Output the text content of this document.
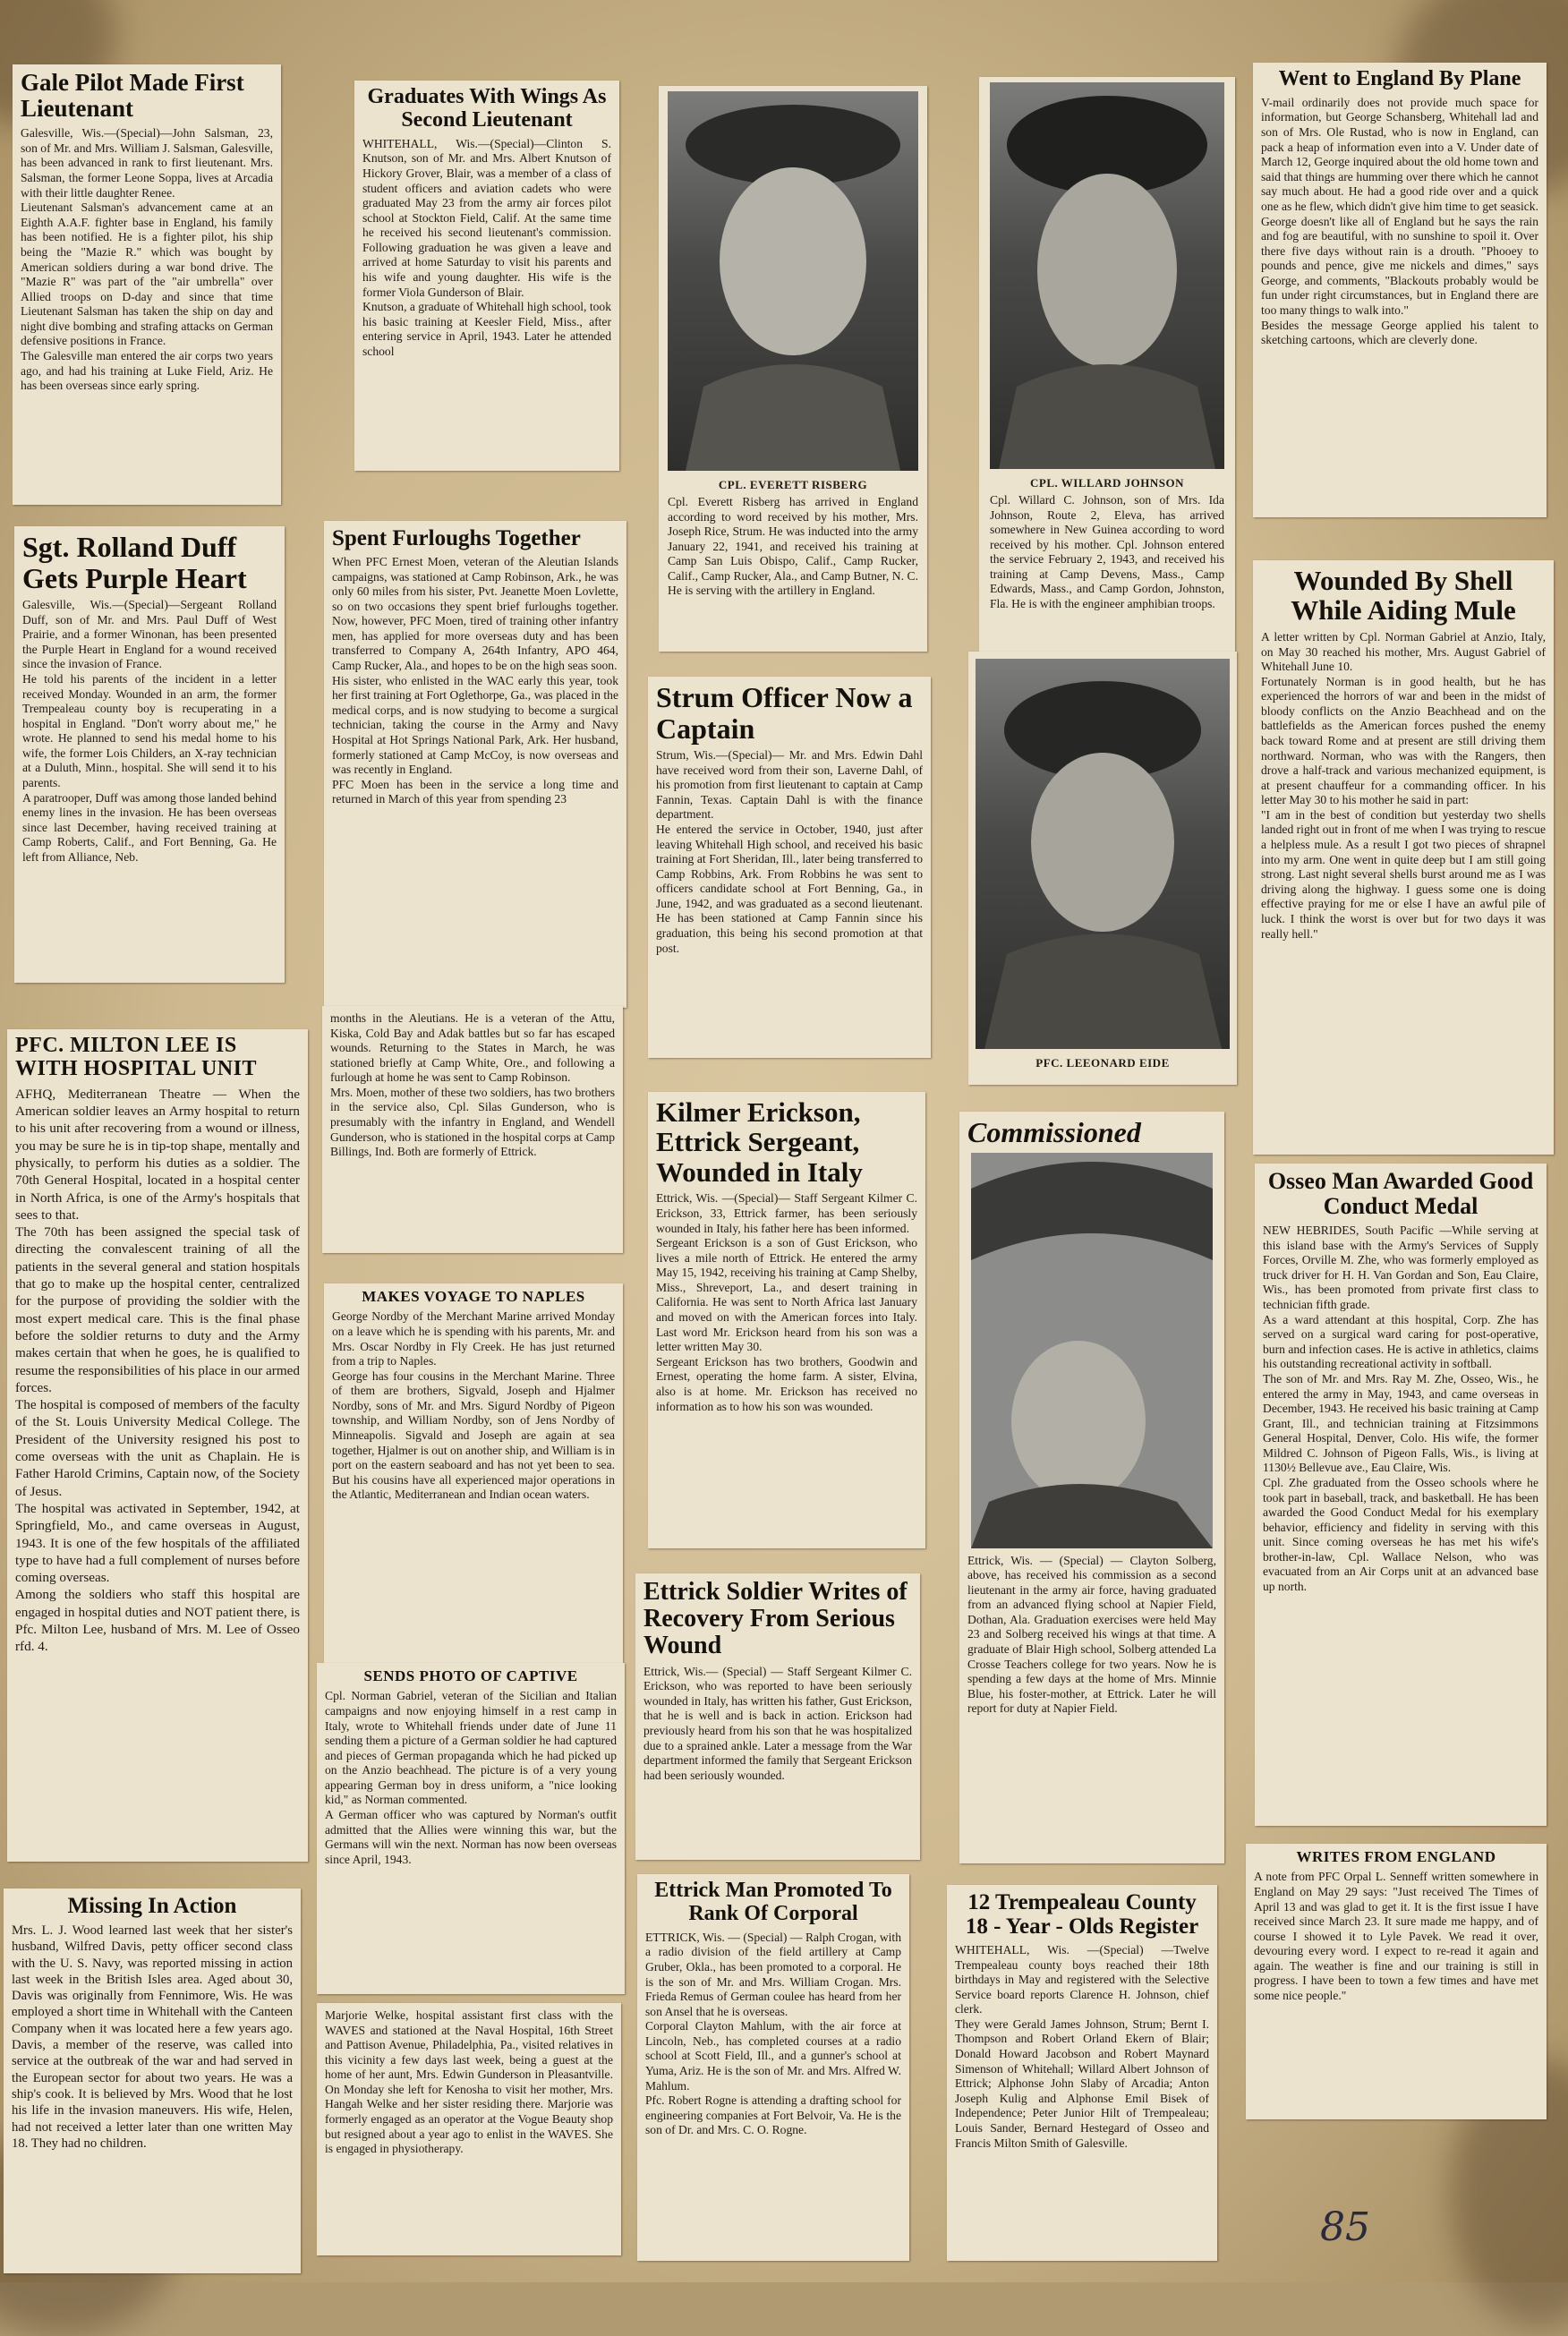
Gale Pilot Made First Lieutenant

Galesville, Wis.—(Special)—John Salsman, 23, son of Mr. and Mrs. William J. Salsman, Galesville, has been advanced in rank to first lieutenant. Mrs. Salsman, the former Leone Soppa, lives at Arcadia with their little daughter Renee.
Lieutenant Salsman's advancement came at an Eighth A.A.F. fighter base in England, his family has been notified. He is a fighter pilot, his ship being the "Mazie R." which was bought by American soldiers during a war bond drive. The "Mazie R" was part of the "air umbrella" over Allied troops on D-day and since that time Lieutenant Salsman has taken the ship on day and night dive bombing and strafing attacks on German defensive positions in France.
The Galesville man entered the air corps two years ago, and had his training at Luke Field, Ariz. He has been overseas since early spring.

Sgt. Rolland Duff Gets Purple Heart

Galesville, Wis.—(Special)—Sergeant Rolland Duff, son of Mr. and Mrs. Paul Duff of West Prairie, and a former Winonan, has been presented the Purple Heart in England for a wound received since the invasion of France.
He told his parents of the incident in a letter received Monday. Wounded in an arm, the former Trempealeau county boy is recuperating in a hospital in England. "Don't worry about me," he wrote. He planned to send his medal home to his wife, the former Lois Childers, an X-ray technician at a Duluth, Minn., hospital. She will send it to his parents.
A paratrooper, Duff was among those landed behind enemy lines in the invasion. He has been overseas since last December, having received training at Camp Roberts, Calif., and Fort Benning, Ga. He left from Alliance, Neb.

PFC. MILTON LEE IS WITH HOSPITAL UNIT

AFHQ, Mediterranean Theatre — When the American soldier leaves an Army hospital to return to his unit after recovering from a wound or illness, you may be sure he is in tip-top shape, mentally and physically, to perform his duties as a soldier. The 70th General Hospital, located in a hospital center in North Africa, is one of the Army's hospitals that sees to that.
The 70th has been assigned the special task of directing the convalescent training of all the patients in the several general and station hospitals that go to make up the hospital center, centralized for the purpose of providing the soldier with the most expert medical care. This is the final phase before the soldier returns to duty and the Army makes certain that when he goes, he is qualified to resume the responsibilities of his place in our armed forces.
The hospital is composed of members of the faculty of the St. Louis University Medical College. The President of the University resigned his post to come overseas with the unit as Chaplain. He is Father Harold Crimins, Captain now, of the Society of Jesus.
The hospital was activated in September, 1942, at Springfield, Mo., and came overseas in August, 1943. It is one of the few hospitals of the affiliated type to have had a full complement of nurses before coming overseas.
Among the soldiers who staff this hospital are engaged in hospital duties and NOT patient there, is Pfc. Milton Lee, husband of Mrs. M. Lee of Osseo rfd. 4.

Missing In Action

Mrs. L. J. Wood learned last week that her sister's husband, Wilfred Davis, petty officer second class with the U. S. Navy, was reported missing in action last week in the British Isles area. Aged about 30, Davis was originally from Fennimore, Wis. He was employed a short time in Whitehall with the Canteen Company when it was located here a few years ago. Davis, a member of the reserve, was called into service at the outbreak of the war and had served in the European sector for about two years. He was a ship's cook. It is believed by Mrs. Wood that he lost his life in the invasion maneuvers. His wife, Helen, had not received a letter later than one written May 18. They had no children.

Graduates With Wings As Second Lieutenant

WHITEHALL, Wis.—(Special)—Clinton S. Knutson, son of Mr. and Mrs. Albert Knutson of Hickory Grover, Blair, was a member of a class of student officers and aviation cadets who were graduated May 23 from the army air forces pilot school at Stockton Field, Calif. At the same time he received his second lieutenant's commission. Following graduation he was given a leave and arrived at home Saturday to visit his parents and his wife and young daughter. His wife is the former Viola Gunderson of Blair.
Knutson, a graduate of Whitehall high school, took his basic training at Keesler Field, Miss., after entering service in April, 1943. Later he attended school

Spent Furloughs Together

When PFC Ernest Moen, veteran of the Aleutian Islands campaigns, was stationed at Camp Robinson, Ark., he was only 60 miles from his sister, Pvt. Jeanette Moen Lovlette, so on two occasions they spent brief furloughs together. Now, however, PFC Moen, tired of training other infantry men, has applied for more overseas duty and has been transferred to Company A, 264th Infantry, APO 464, Camp Rucker, Ala., and hopes to be on the high seas soon.
His sister, who enlisted in the WAC early this year, took her first training at Fort Oglethorpe, Ga., was placed in the medical corps, and is now studying to become a surgical technician, taking the course in the Army and Navy Hospital at Hot Springs National Park, Ark. Her husband, formerly stationed at Camp McCoy, is now overseas and was recently in England.
PFC Moen has been in the service a long time and returned in March of this year from spending 23

months in the Aleutians. He is a veteran of the Attu, Kiska, Cold Bay and Adak battles but so far has escaped wounds. Returning to the States in March, he was stationed briefly at Camp White, Ore., and following a furlough at home he was sent to Camp Robinson.
Mrs. Moen, mother of these two soldiers, has two brothers in the service also, Cpl. Silas Gunderson, who is presumably with the infantry in England, and Wendell Gunderson, who is stationed in the hospital corps at Camp Billings, Ind. Both are formerly of Ettrick.

MAKES VOYAGE TO NAPLES

George Nordby of the Merchant Marine arrived Monday on a leave which he is spending with his parents, Mr. and Mrs. Oscar Nordby in Fly Creek. He has just returned from a trip to Naples.
George has four cousins in the Merchant Marine. Three of them are brothers, Sigvald, Joseph and Hjalmer Nordby, sons of Mr. and Mrs. Sigurd Nordby of Pigeon township, and William Nordby, son of Jens Nordby of Minneapolis. Sigvald and Joseph are again at sea together, Hjalmer is out on another ship, and William is in port on the eastern seaboard and has not yet been to sea. But his cousins have all experienced major operations in the Atlantic, Mediterranean and Indian ocean waters.

SENDS PHOTO OF CAPTIVE

Cpl. Norman Gabriel, veteran of the Sicilian and Italian campaigns and now enjoying himself in a rest camp in Italy, wrote to Whitehall friends under date of June 11 sending them a picture of a German soldier he had captured and pieces of German propaganda which he had picked up on the Anzio beachhead. The picture is of a very young appearing German boy in dress uniform, a "nice looking kid," as Norman commented.
A German officer who was captured by Norman's outfit admitted that the Allies were winning this war, but the Germans will win the next. Norman has now been overseas since April, 1943.

Marjorie Welke, hospital assistant first class with the WAVES and stationed at the Naval Hospital, 16th Street and Pattison Avenue, Philadelphia, Pa., visited relatives in this vicinity a few days last week, being a guest at the home of her aunt, Mrs. Edwin Gunderson in Pleasantville. On Monday she left for Kenosha to visit her mother, Mrs. Hangah Welke and her sister residing there. Marjorie was formerly engaged as an operator at the Vogue Beauty shop but resigned about a year ago to enlist in the WAVES. She is engaged in physiotherapy.

CPL. EVERETT RISBERG

Cpl. Everett Risberg has arrived in England according to word received by his mother, Mrs. Joseph Rice, Strum. He was inducted into the army January 22, 1941, and received his training at Camp San Luis Obispo, Calif., Camp Rucker, Calif., Camp Rucker, Ala., and Camp Butner, N. C. He is serving with the artillery in England.

Strum Officer Now a Captain

Strum, Wis.—(Special)— Mr. and Mrs. Edwin Dahl have received word from their son, Laverne Dahl, of his promotion from first lieutenant to captain at Camp Fannin, Texas. Captain Dahl is with the finance department.
He entered the service in October, 1940, just after leaving Whitehall High school, and received his basic training at Fort Sheridan, Ill., later being transferred to Camp Robbins, Ark. From Robbins he was sent to officers candidate school at Fort Benning, Ga., in June, 1942, and was graduated as a second lieutenant. He has been stationed at Camp Fannin since his graduation, this being his second promotion at that post.

Kilmer Erickson, Ettrick Sergeant, Wounded in Italy

Ettrick, Wis. —(Special)— Staff Sergeant Kilmer C. Erickson, 33, Ettrick farmer, has been seriously wounded in Italy, his father here has been informed.
Sergeant Erickson is a son of Gust Erickson, who lives a mile north of Ettrick. He entered the army May 15, 1942, receiving his training at Camp Shelby, Miss., Shreveport, La., and desert training in California. He was sent to North Africa last January and moved on with the American forces into Italy. Last word Mr. Erickson heard from his son was a letter written May 30.
Sergeant Erickson has two brothers, Goodwin and Ernest, operating the home farm. A sister, Elvina, also is at home. Mr. Erickson has received no information as to how his son was wounded.

Ettrick Soldier Writes of Recovery From Serious Wound

Ettrick, Wis.— (Special) — Staff Sergeant Kilmer C. Erickson, who was reported to have been seriously wounded in Italy, has written his father, Gust Erickson, that he is well and is back in action. Erickson had previously heard from his son that he was hospitalized due to a sprained ankle. Later a message from the War department informed the family that Sergeant Erickson had been seriously wounded.

Ettrick Man Promoted To Rank Of Corporal

ETTRICK, Wis. — (Special) — Ralph Crogan, with a radio division of the field artillery at Camp Gruber, Okla., has been promoted to a corporal. He is the son of Mr. and Mrs. William Crogan. Mrs. Frieda Remus of German coulee has heard from her son Ansel that he is overseas.
Corporal Clayton Mahlum, with the air force at Lincoln, Neb., has completed courses at a radio school at Scott Field, Ill., and a gunner's school at Yuma, Ariz. He is the son of Mr. and Mrs. Alfred W. Mahlum.
Pfc. Robert Rogne is attending a drafting school for engineering companies at Fort Belvoir, Va. He is the son of Dr. and Mrs. C. O. Rogne.

CPL. WILLARD JOHNSON

Cpl. Willard C. Johnson, son of Mrs. Ida Johnson, Route 2, Eleva, has arrived somewhere in New Guinea according to word received by his mother. Cpl. Johnson entered the service February 2, 1943, and received his training at Camp Devens, Mass., Camp Edwards, Mass., and Camp Gordon, Johnston, Fla. He is with the engineer amphibian troops.

PFC. LEEONARD EIDE

Commissioned

Ettrick, Wis. — (Special) — Clayton Solberg, above, has received his commission as a second lieutenant in the army air force, having graduated from an advanced flying school at Napier Field, Dothan, Ala. Graduation exercises were held May 23 and Solberg received his wings at that time. A graduate of Blair High school, Solberg attended La Crosse Teachers college for two years. Now he is spending a few days at the home of Mrs. Minnie Blue, his foster-mother, at Ettrick. Later he will report for duty at Napier Field.

12 Trempealeau County 18 - Year - Olds Register

WHITEHALL, Wis. —(Special) —Twelve Trempealeau county boys reached their 18th birthdays in May and registered with the Selective Service board reports Clarence H. Johnson, chief clerk.
They were Gerald James Johnson, Strum; Bernt I. Thompson and Robert Orland Ekern of Blair; Donald Howard Jacobson and Robert Maynard Simenson of Whitehall; Willard Albert Johnson of Ettrick; Alphonse John Slaby of Arcadia; Anton Joseph Kulig and Alphonse Emil Bisek of Independence; Peter Junior Hilt of Trempealeau; Louis Sander, Bernard Hestegard of Osseo and Francis Milton Smith of Galesville.

Went to England By Plane

V-mail ordinarily does not provide much space for information, but George Schansberg, Whitehall lad and son of Mrs. Ole Rustad, who is now in England, can pack a heap of information even into a V. Under date of March 12, George inquired about the old home town and said that things are humming over there which he cannot say much about. He had a good ride over and a quick one as he flew, which didn't give him time to get seasick. George doesn't like all of England but he says the rain and fog are beautiful, with no sunshine to spoil it. Over there five days without rain is a drouth. "Phooey to pounds and pence, give me nickels and dimes," says George, and comments, "Blackouts probably would be fun under right circumstances, but in England there are too many things to walk into."
Besides the message George applied his talent to sketching cartoons, which are cleverly done.

Wounded By Shell While Aiding Mule

A letter written by Cpl. Norman Gabriel at Anzio, Italy, on May 30 reached his mother, Mrs. August Gabriel of Whitehall June 10.
Fortunately Norman is in good health, but he has experienced the horrors of war and been in the midst of bloody conflicts on the Anzio Beachhead and on the battlefields as the American forces pushed the enemy back toward Rome and at present are still driving them northward. Norman, who was with the Rangers, then drove a half-track and various mechanized equipment, is at present chauffeur for a commanding officer. In his letter May 30 to his mother he said in part:
"I am in the best of condition but yesterday two shells landed right out in front of me when I was trying to rescue a helpless mule. As a result I got two pieces of shrapnel into my arm. One went in quite deep but I am still going strong. Last night several shells burst around me as I was driving along the highway. I guess some one is doing effective praying for me or else I have an awful pile of luck. I think the worst is over but for two days it was really hell."

Osseo Man Awarded Good Conduct Medal

NEW HEBRIDES, South Pacific —While serving at this island base with the Army's Services of Supply Forces, Orville M. Zhe, who was formerly employed as truck driver for H. H. Van Gordan and Son, Eau Claire, Wis., has been promoted from private first class to technician fifth grade.
As a ward attendant at this hospital, Corp. Zhe has served on a surgical ward caring for post-operative, burn and infection cases. He is active in athletics, claims his outstanding recreational activity in softball.
The son of Mr. and Mrs. Ray M. Zhe, Osseo, Wis., he entered the army in May, 1943, and came overseas in December, 1943. He received his basic training at Camp Grant, Ill., and technician training at Fitzsimmons General Hospital, Denver, Colo. His wife, the former Mildred C. Johnson of Pigeon Falls, Wis., is living at 1130½ Bellevue ave., Eau Claire, Wis.
Cpl. Zhe graduated from the Osseo schools where he took part in baseball, track, and basketball. He has been awarded the Good Conduct Medal for his exemplary behavior, efficiency and fidelity in serving with this unit. Since coming overseas he has met his wife's brother-in-law, Cpl. Wallace Nelson, who was evacuated from an Air Corps unit at an advanced base up north.

WRITES FROM ENGLAND

A note from PFC Orpal L. Senneff written somewhere in England on May 29 says: "Just received The Times of April 13 and was glad to get it. It is the first issue I have received since March 23. It sure made me happy, and of course I showed it to Lyle Pavek. We read it over, devouring every word. I expect to re-read it again and again. The weather is fine and our training is still in progress. I have been to town a few times and have met some nice people."

85
